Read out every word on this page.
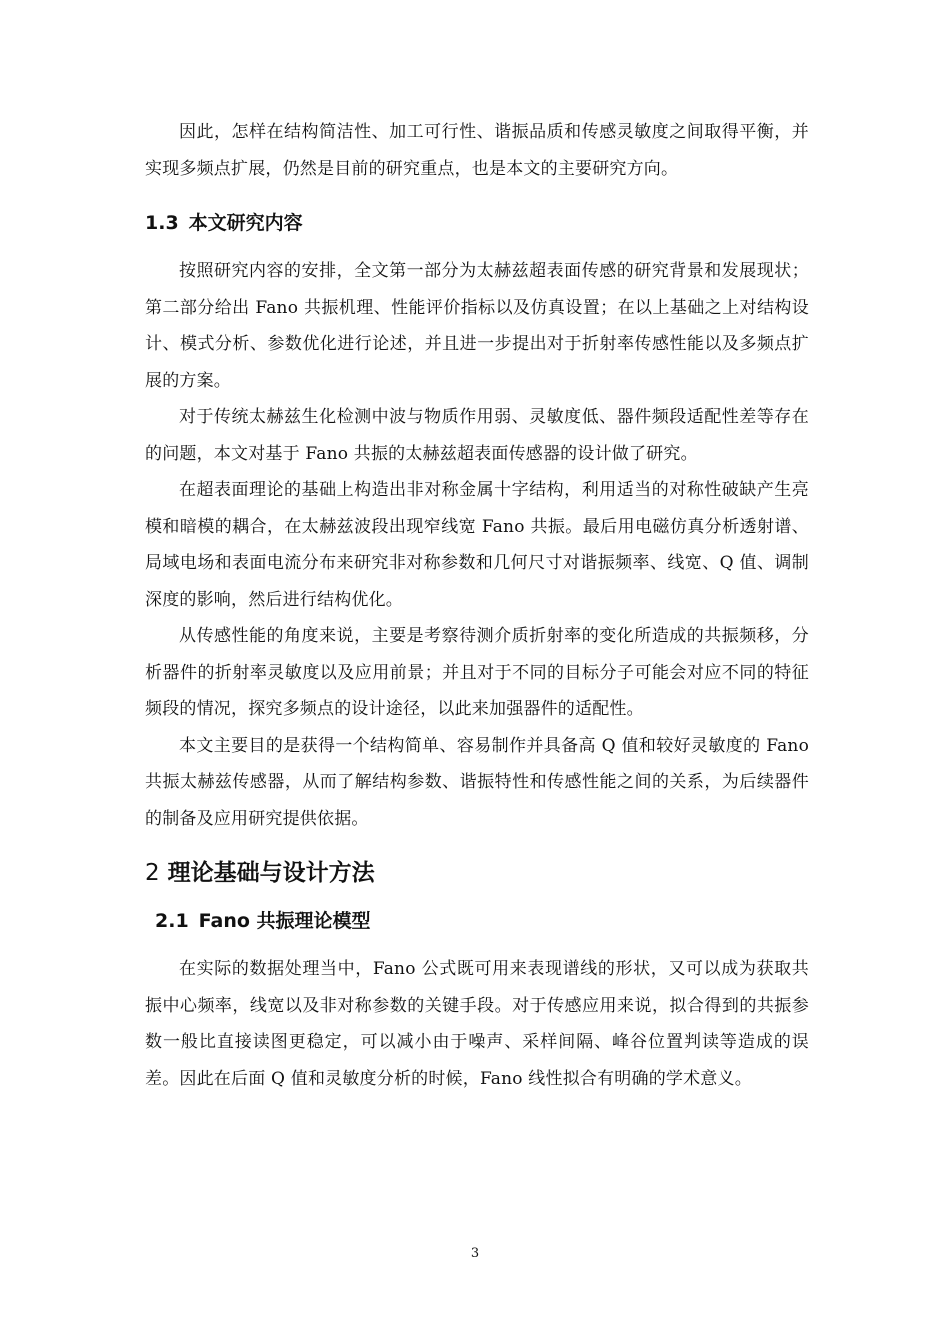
因此，怎样在结构简洁性、加工可行性、谐振品质和传感灵敏度之间取得平衡，并实现多频点扩展，仍然是目前的研究重点，也是本文的主要研究方向。

1.3 本文研究内容

按照研究内容的安排，全文第一部分为太赫兹超表面传感的研究背景和发展现状；第二部分给出 Fano 共振机理、性能评价指标以及仿真设置；在以上基础之上对结构设计、模式分析、参数优化进行论述，并且进一步提出对于折射率传感性能以及多频点扩展的方案。

对于传统太赫兹生化检测中波与物质作用弱、灵敏度低、器件频段适配性差等存在的问题，本文对基于 Fano 共振的太赫兹超表面传感器的设计做了研究。

在超表面理论的基础上构造出非对称金属十字结构，利用适当的对称性破缺产生亮模和暗模的耦合，在太赫兹波段出现窄线宽 Fano 共振。最后用电磁仿真分析透射谱、局域电场和表面电流分布来研究非对称参数和几何尺寸对谐振频率、线宽、Q 值、调制深度的影响，然后进行结构优化。

从传感性能的角度来说，主要是考察待测介质折射率的变化所造成的共振频移，分析器件的折射率灵敏度以及应用前景；并且对于不同的目标分子可能会对应不同的特征频段的情况，探究多频点的设计途径，以此来加强器件的适配性。

本文主要目的是获得一个结构简单、容易制作并具备高 Q 值和较好灵敏度的 Fano 共振太赫兹传感器，从而了解结构参数、谐振特性和传感性能之间的关系，为后续器件的制备及应用研究提供依据。

2 理论基础与设计方法
2.1 Fano 共振理论模型

在实际的数据处理当中，Fano 公式既可用来表现谱线的形状，又可以成为获取共振中心频率，线宽以及非对称参数的关键手段。对于传感应用来说，拟合得到的共振参数一般比直接读图更稳定，可以减小由于噪声、采样间隔、峰谷位置判读等造成的误差。因此在后面 Q 值和灵敏度分析的时候，Fano 线性拟合有明确的学术意义。

3
